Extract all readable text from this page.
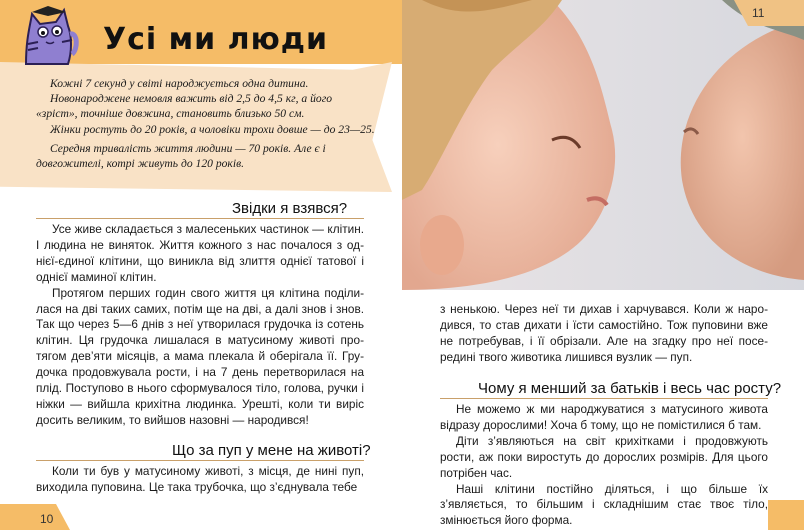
Усі ми люди

Кожні 7 секунд у світі народжується одна дитина.

Новонароджене немовля важить від 2,5 до 4,5 кг, а його «зріст», точніше довжина, становить близько 50 см.

Жінки ростуть до 20 років, а чоловіки трохи довше — до 23—25.

Середня тривалість життя людини — 70 років. Але є і довгожителі, котрі живуть до 120 років.

Звідки я взявся?

Усе живе складається з малесеньких частинок — клітин. І людина не виняток. Життя кожного з нас почалося з однієї-єдиної клітини, що виникла від злиття однієї татової і однієї маминої клітин.

Протягом перших годин свого життя ця клітина поділилася на дві таких самих, потім ще на дві, а далі знов і знов. Так що через 5—6 днів з неї утворилася грудочка із сотень клітин. Ця грудочка лишалася в матусиному животі протягом дев’яти місяців, а мама плекала й оберігала її. Грудочка продовжувала рости, і на 7 день перетворилася на плід. Поступово в нього сформувалося тіло, голова, ручки і ніжки — вийшла крихітна людинка. Урешті, коли ти виріс досить великим, то вийшов назовні — народився!

Що за пуп у мене на животі?

Коли ти був у матусиному животі, з місця, де нині пуп, виходила пуповина. Це така трубочка, що з’єднувала тебе

10
11

з ненькою. Через неї ти дихав і харчувався. Коли ж народився, то став дихати і їсти самостійно. Тож пуповини вже не потребував, і її обрізали. Але на згадку про неї посередині твого животика лишився вузлик — пуп.

Чому я менший за батьків і весь час росту?

Не можемо ж ми народжуватися з матусиного живота відразу дорослими! Хоча б тому, що не помістилися б там.

Діти з’являються на світ крихітками і продовжують рости, аж поки виростуть до дорослих розмірів. Для цього потрібен час.

Наші клітини постійно діляться, і що більше їх з’являється, то більшим і складнішим стає твоє тіло, змінюється його форма.
